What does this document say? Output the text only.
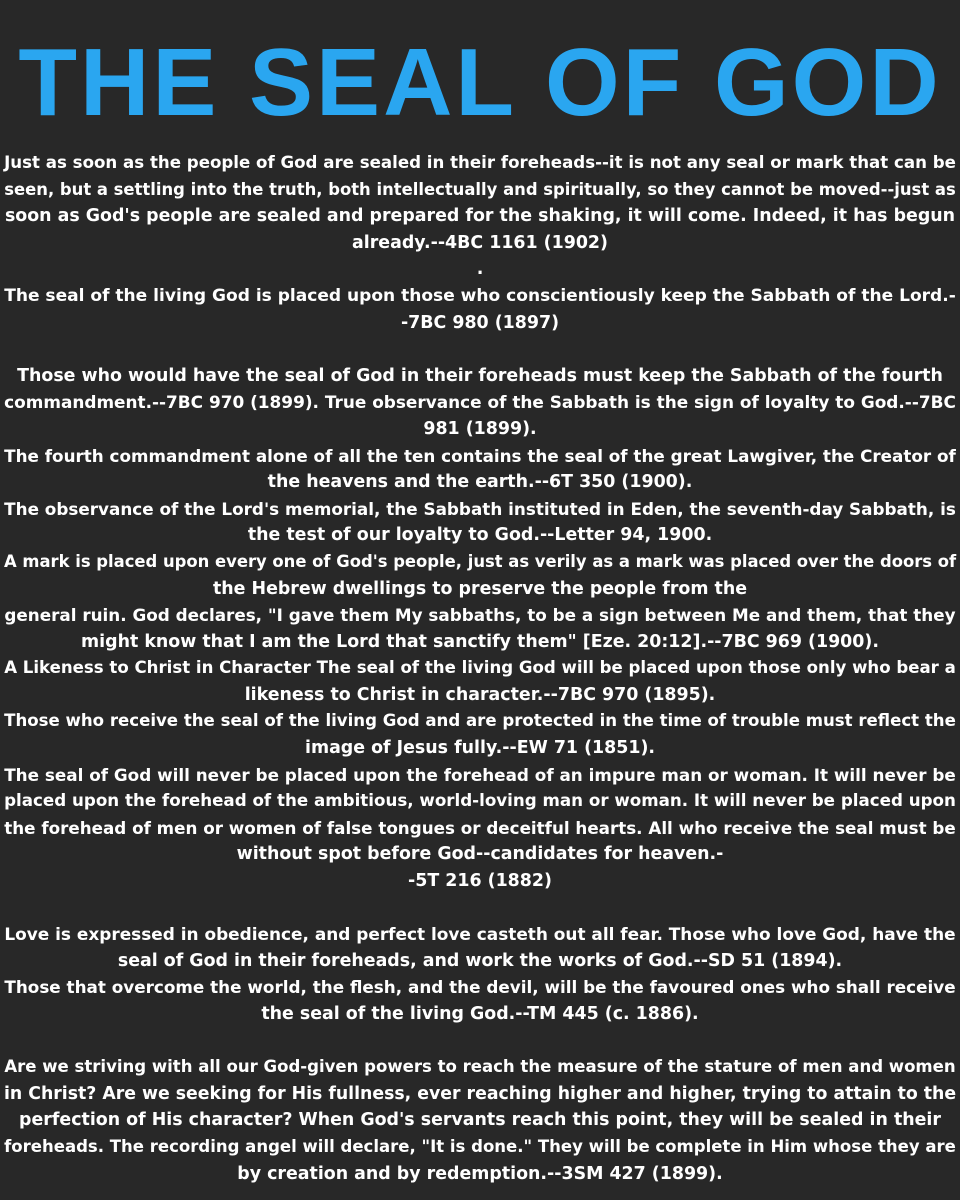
THE SEAL OF GOD
Just as soon as the people of God are sealed in their foreheads--it is not any seal or mark that can be
seen, but a settling into the truth, both intellectually and spiritually, so they cannot be moved--just as
soon as God's people are sealed and prepared for the shaking, it will come. Indeed, it has begun
already.--4BC 1161 (1902)
.
The seal of the living God is placed upon those who conscientiously keep the Sabbath of the Lord.-
-7BC 980 (1897)
Those who would have the seal of God in their foreheads must keep the Sabbath of the fourth
commandment.--7BC 970 (1899). True observance of the Sabbath is the sign of loyalty to God.--7BC
981 (1899).
The fourth commandment alone of all the ten contains the seal of the great Lawgiver, the Creator of
the heavens and the earth.--6T 350 (1900).
The observance of the Lord's memorial, the Sabbath instituted in Eden, the seventh-day Sabbath, is
the test of our loyalty to God.--Letter 94, 1900.
A mark is placed upon every one of God's people, just as verily as a mark was placed over the doors of
the Hebrew dwellings to preserve the people from the
general ruin. God declares, "I gave them My sabbaths, to be a sign between Me and them, that they
might know that I am the Lord that sanctify them" [Eze. 20:12].--7BC 969 (1900).
A Likeness to Christ in Character The seal of the living God will be placed upon those only who bear a
likeness to Christ in character.--7BC 970 (1895).
Those who receive the seal of the living God and are protected in the time of trouble must reflect the
image of Jesus fully.--EW 71 (1851).
The seal of God will never be placed upon the forehead of an impure man or woman. It will never be
placed upon the forehead of the ambitious, world-loving man or woman. It will never be placed upon
the forehead of men or women of false tongues or deceitful hearts. All who receive the seal must be
without spot before God--candidates for heaven.-
-5T 216 (1882)
Love is expressed in obedience, and perfect love casteth out all fear. Those who love God, have the
seal of God in their foreheads, and work the works of God.--SD 51 (1894).
Those that overcome the world, the flesh, and the devil, will be the favoured ones who shall receive
the seal of the living God.--TM 445 (c. 1886).
Are we striving with all our God-given powers to reach the measure of the stature of men and women
in Christ? Are we seeking for His fullness, ever reaching higher and higher, trying to attain to the
perfection of His character? When God's servants reach this point, they will be sealed in their
foreheads. The recording angel will declare, "It is done." They will be complete in Him whose they are
by creation and by redemption.--3SM 427 (1899).
